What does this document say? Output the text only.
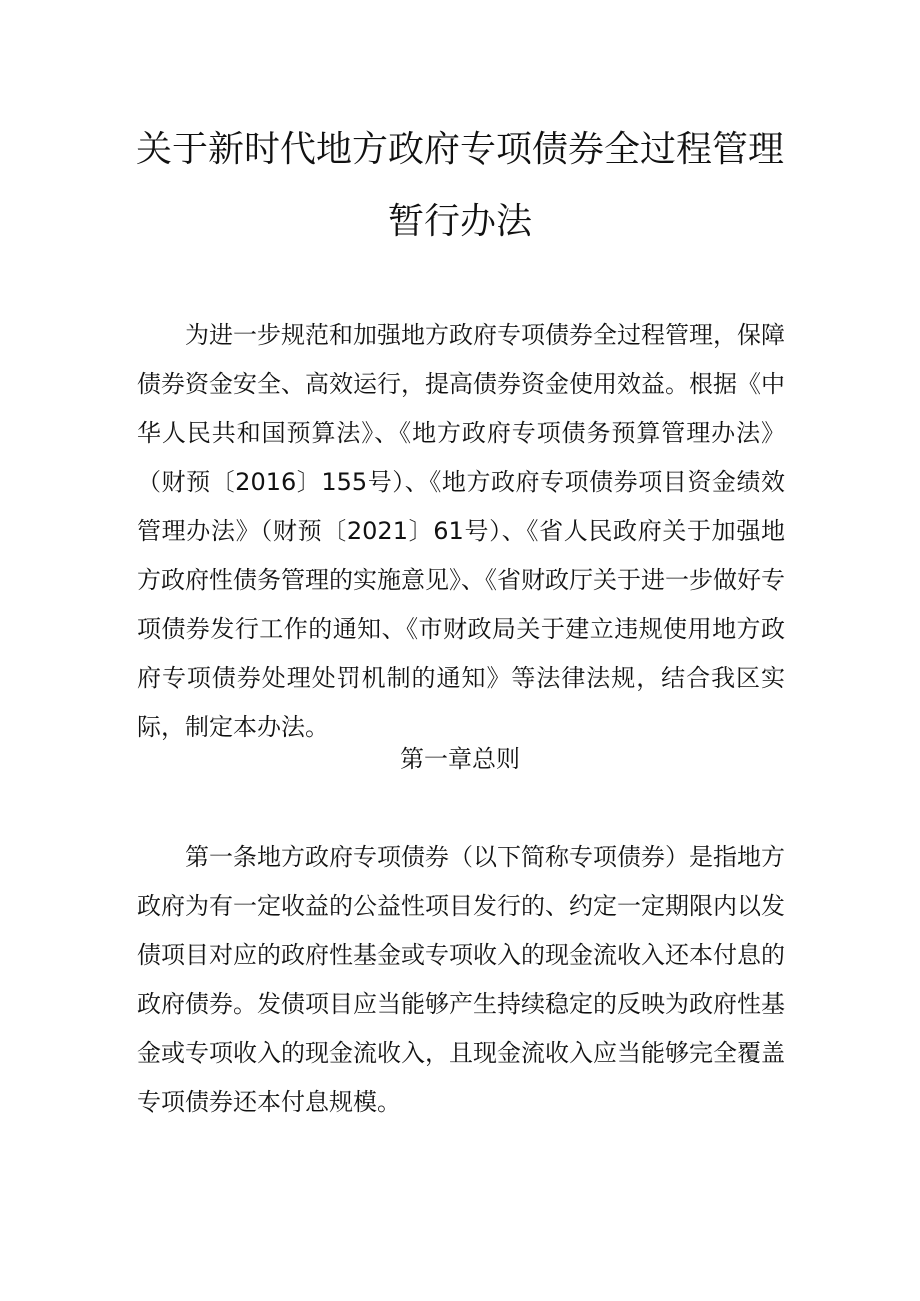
关于新时代地方政府专项债券全过程管理
暂行办法

为进一步规范和加强地方政府专项债券全过程管理，保障债券资金安全、高效运行，提高债券资金使用效益。根据《中华人民共和国预算法》、《地方政府专项债务预算管理办法》（财预〔2016〕155号）、《地方政府专项债券项目资金绩效管理办法》（财预〔2021〕61号）、《省人民政府关于加强地方政府性债务管理的实施意见》、《省财政厅关于进一步做好专项债券发行工作的通知、《市财政局关于建立违规使用地方政府专项债券处理处罚机制的通知》等法律法规，结合我区实际，制定本办法。

第一章总则

第一条地方政府专项债券（以下简称专项债券）是指地方政府为有一定收益的公益性项目发行的、约定一定期限内以发债项目对应的政府性基金或专项收入的现金流收入还本付息的政府债券。发债项目应当能够产生持续稳定的反映为政府性基金或专项收入的现金流收入，且现金流收入应当能够完全覆盖专项债券还本付息规模。
